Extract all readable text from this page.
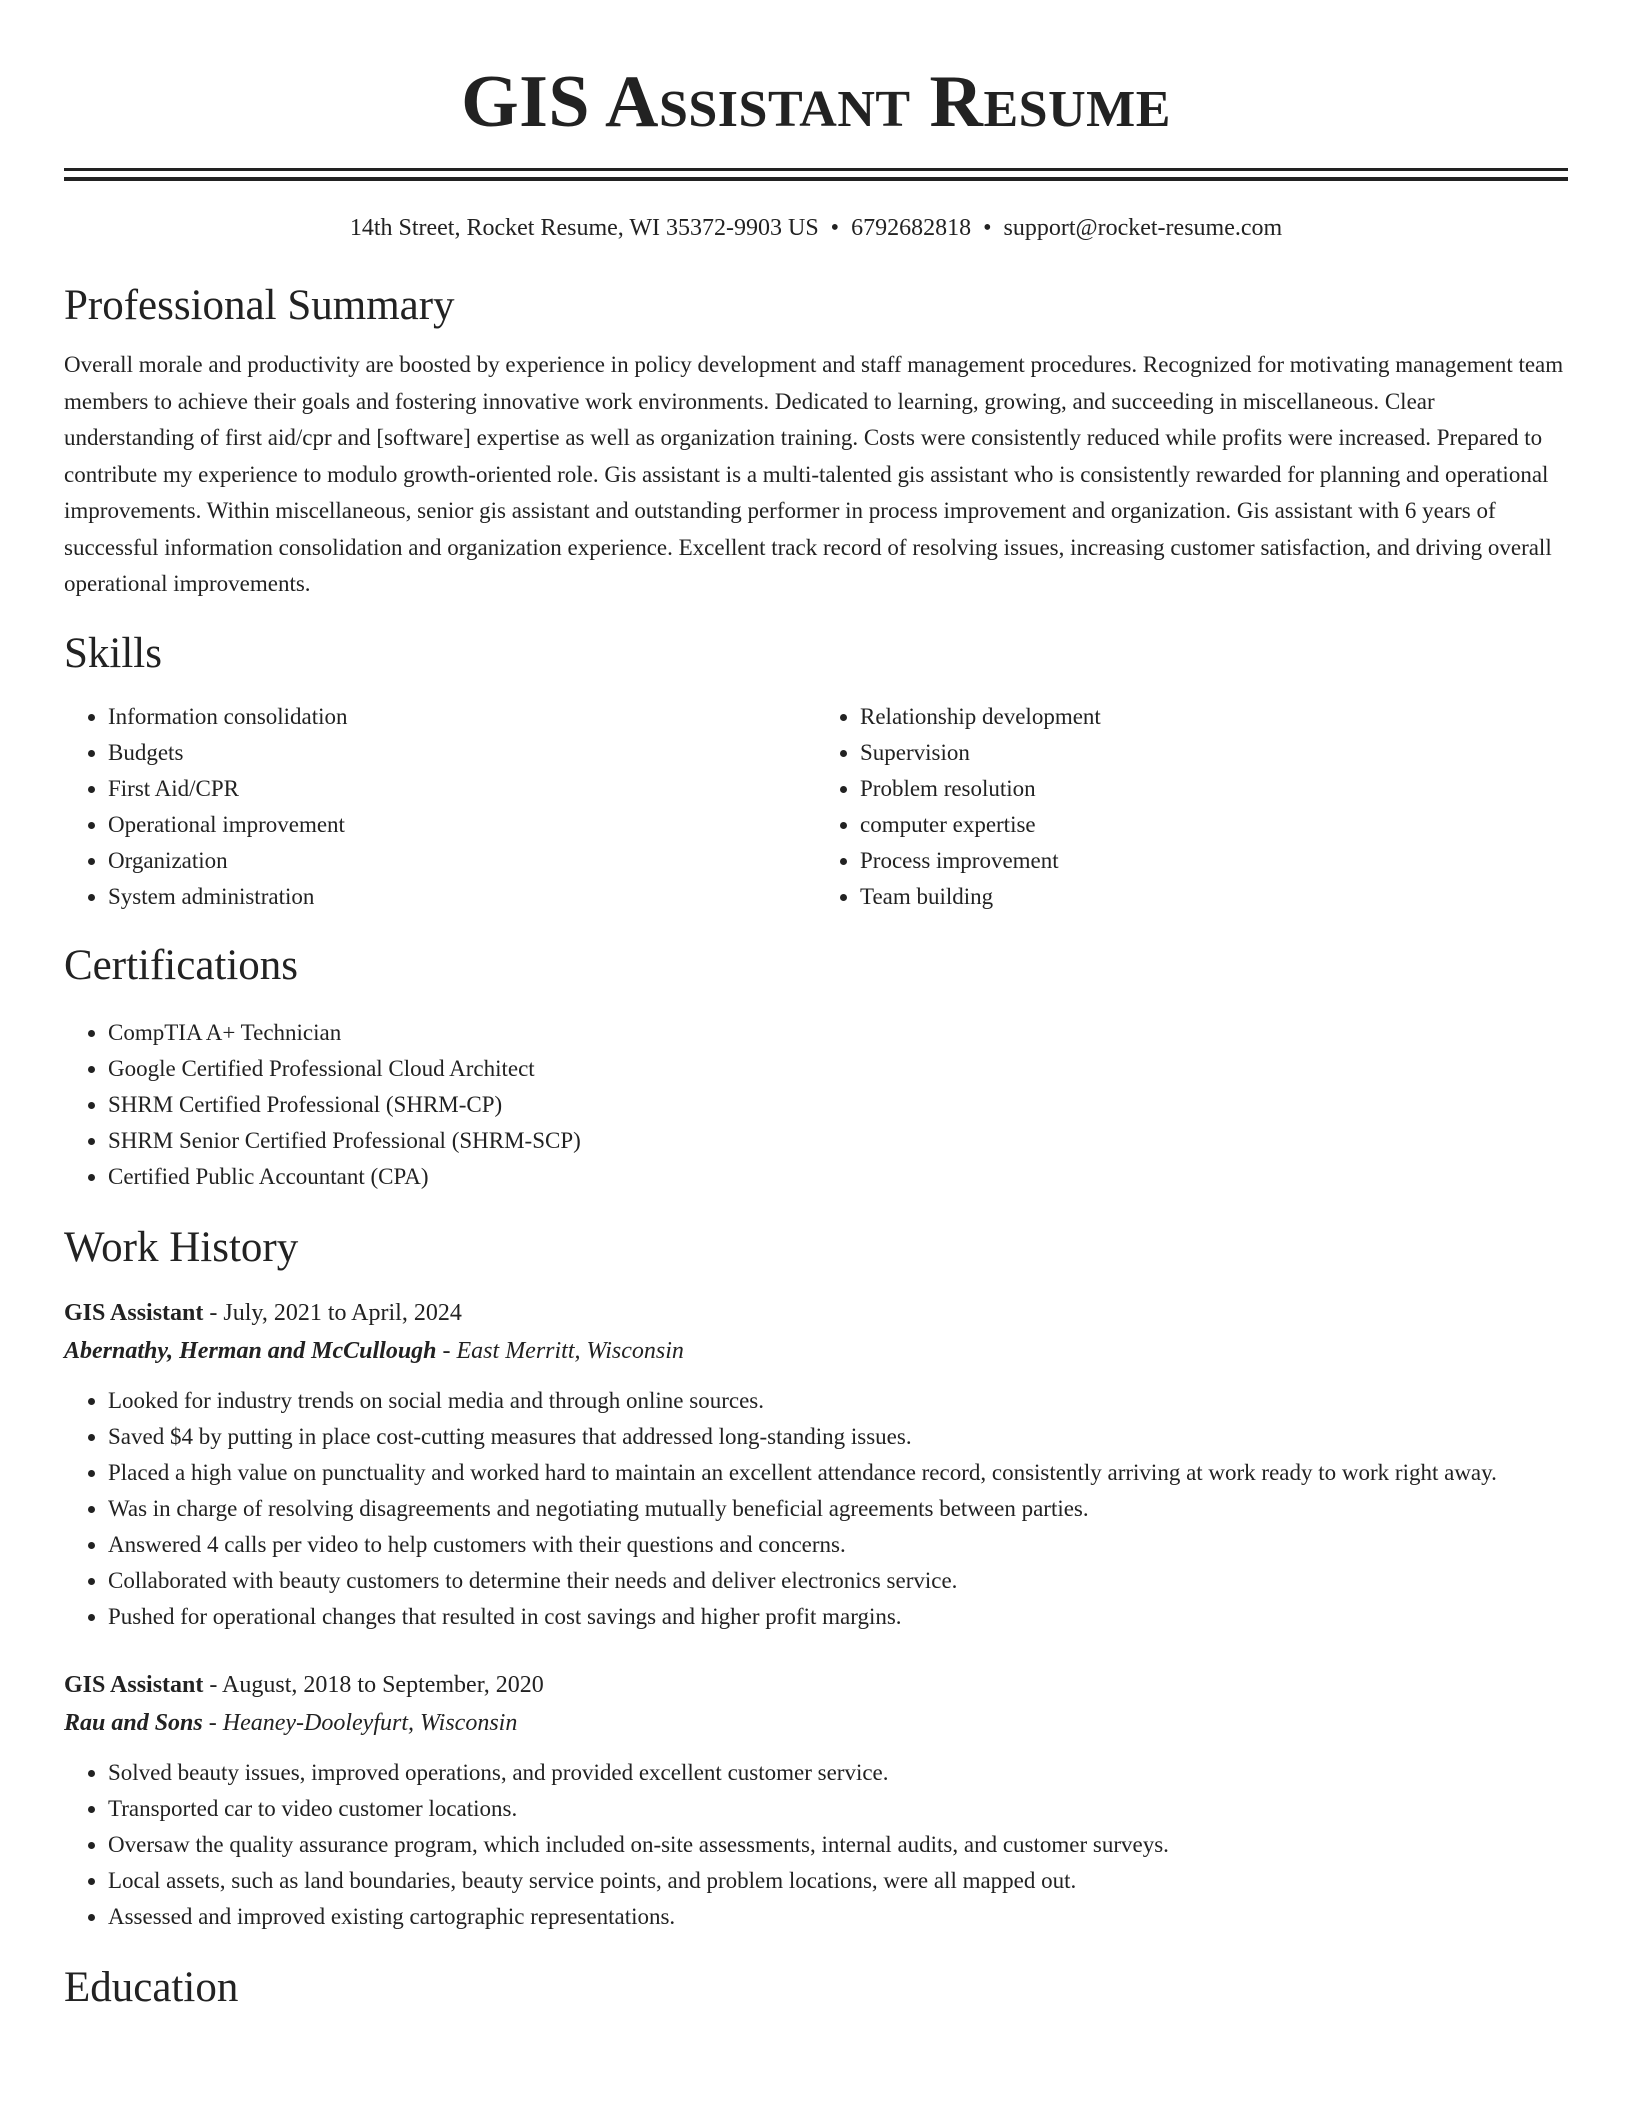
GIS Assistant Resume
14th Street, Rocket Resume, WI 35372-9903 US • 6792682818 • support@rocket-resume.com
Professional Summary

Overall morale and productivity are boosted by experience in policy development and staff management procedures. Recognized for motivating management team members to achieve their goals and fostering innovative work environments. Dedicated to learning, growing, and succeeding in miscellaneous. Clear understanding of first aid/cpr and [software] expertise as well as organization training. Costs were consistently reduced while profits were increased. Prepared to contribute my experience to modulo growth-oriented role. Gis assistant is a multi-talented gis assistant who is consistently rewarded for planning and operational improvements. Within miscellaneous, senior gis assistant and outstanding performer in process improvement and organization. Gis assistant with 6 years of successful information consolidation and organization experience. Excellent track record of resolving issues, increasing customer satisfaction, and driving overall operational improvements.

Skills
• Information consolidation
• Budgets
• First Aid/CPR
• Operational improvement
• Organization
• System administration
• Relationship development
• Supervision
• Problem resolution
• computer expertise
• Process improvement
• Team building
Certifications
• CompTIA A+ Technician
• Google Certified Professional Cloud Architect
• SHRM Certified Professional (SHRM-CP)
• SHRM Senior Certified Professional (SHRM-SCP)
• Certified Public Accountant (CPA)
Work History
GIS Assistant - July, 2021 to April, 2024
Abernathy, Herman and McCullough - East Merritt, Wisconsin
• Looked for industry trends on social media and through online sources.
• Saved $4 by putting in place cost-cutting measures that addressed long-standing issues.
• Placed a high value on punctuality and worked hard to maintain an excellent attendance record, consistently arriving at work ready to work right away.
• Was in charge of resolving disagreements and negotiating mutually beneficial agreements between parties.
• Answered 4 calls per video to help customers with their questions and concerns.
• Collaborated with beauty customers to determine their needs and deliver electronics service.
• Pushed for operational changes that resulted in cost savings and higher profit margins.
GIS Assistant - August, 2018 to September, 2020
Rau and Sons - Heaney-Dooleyfurt, Wisconsin
• Solved beauty issues, improved operations, and provided excellent customer service.
• Transported car to video customer locations.
• Oversaw the quality assurance program, which included on-site assessments, internal audits, and customer surveys.
• Local assets, such as land boundaries, beauty service points, and problem locations, were all mapped out.
• Assessed and improved existing cartographic representations.
Education
